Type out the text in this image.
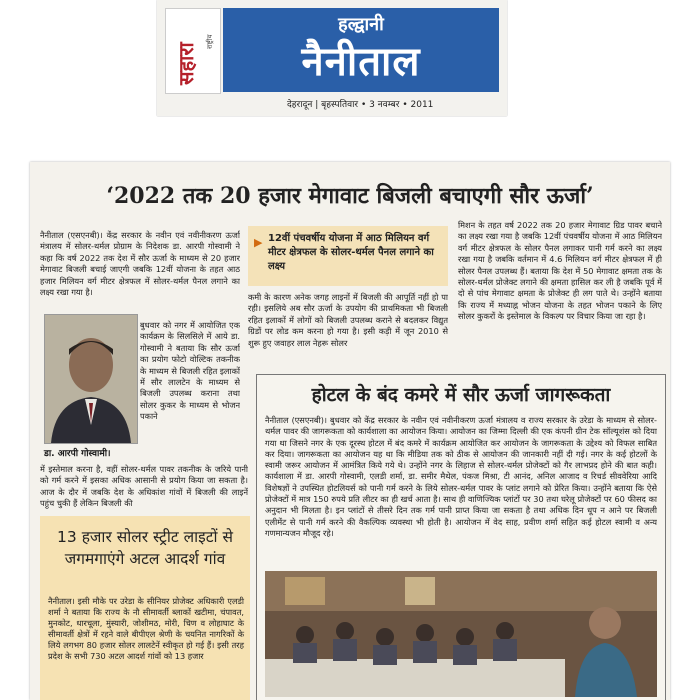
सहारा
राष्ट्रीय
हल्द्वानी
नैनीताल
देहरादून | बृहस्पतिवार • 3 नवम्बर • 2011
‘2022 तक 20 हजार मेगावाट बिजली बचाएगी सौर ऊर्जा’
नैनीताल (एसएनबी)। केंद्र सरकार के नवीन एवं नवीनीकरण ऊर्जा मंत्रालय में सोलर-थर्मल प्रोग्राम के निदेशक डा. आरपी गोस्वामी ने कहा कि वर्ष 2022 तक देश में सौर ऊर्जा के माध्यम से 20 हजार मेगावाट बिजली बचाई जाएगी जबकि 12वीं योजना के तहत आठ हजार मिलियन वर्ग मीटर क्षेत्रफल में सोलर-थर्मल पैनल लगाने का लक्ष्य रखा गया है।
▶ 12वीं पंचवर्षीय योजना में आठ मिलियन वर्ग मीटर क्षेत्रफल के सोलर-थर्मल पैनल लगाने का लक्ष्य
कमी के कारण अनेक जगह लाइनों में बिजली की आपूर्ति नहीं हो पा रही। इसलिये अब सौर ऊर्जा के उपयोग की प्राथमिकता भी बिजली रहित इलाकों में लोगों को बिजली उपलब्ध कराने से बदलकर विद्युत ग्रिडों पर लोड कम करना हो गया है। इसी कड़ी में जून 2010 से शुरू हुए जवाहर लाल नेहरू सोलर
मिशन के तहत वर्ष 2022 तक 20 हजार मेगावाट ग्रिड पावर बचाने का लक्ष्य रखा गया है जबकि 12वीं पंचवर्षीय योजना में आठ मिलियन वर्ग मीटर क्षेत्रफल के सोलर पैनल लगाकर पानी गर्म करने का लक्ष्य रखा गया है जबकि वर्तमान में 4.6 मिलियन वर्ग मीटर क्षेत्रफल में ही सोलर पैनल उपलब्ध हैं। बताया कि देश में 50 मेगावाट क्षमता तक के सोलर-थर्मल प्रोजेक्ट लगाने की क्षमता हासिल कर ली है जबकि पूर्व में दो से पांच मेगावाट क्षमता के प्रोजेक्ट ही लग पाते थे। उन्होंने बताया कि राज्य में मध्याह्न भोजन योजना के तहत भोजन पकाने के लिए सोलर कुकरों के इस्तेमाल के विकल्प पर विचार किया जा रहा है।
डा. आरपी गोस्वामी।
बुधवार को नगर में आयोजित एक कार्यक्रम के सिलसिले में आये डा. गोस्वामी ने बताया कि सौर ऊर्जा का प्रयोग फोटो वोल्टिक तकनीक के माध्यम से बिजली रहित इलाकों में सौर लालटेन के माध्यम से बिजली उपलब्ध कराना तथा सोलर कुकर के माध्यम से भोजन पकाने
में इस्तेमाल करना है, वहीं सोलर-थर्मल पावर तकनीक के जरिये पानी को गर्म करने में इसका अधिक आसानी से प्रयोग किया जा सकता है। आज के दौर में जबकि देश के अधिकांश गांवों में बिजली की लाइनें पहुंच चुकी हैं लेकिन बिजली की
13 हजार सोलर स्ट्रीट लाइटों से जगमगाएंगे अटल आदर्श गांव
नैनीताल। इसी मौके पर उरेडा के सीनियर प्रोजेक्ट अधिकारी एलडी शर्मा ने बताया कि राज्य के नौ सीमावर्ती ब्लाकों खटीमा, चंपावत, मुनकोट, धारचूला, मुंस्यारी, जोशीमठ, मोरी, चिण व लोहाघाट के सीमावर्ती क्षेत्रों में रहने वाले बीपीएल श्रेणी के चयनित नागरिकों के लिये लगभग 80 हजार सोलर लालटेनें स्वीकृत हो गई हैं। इसी तरह प्रदेश के सभी 730 अटल आदर्श गांवों को 13 हजार
होटल के बंद कमरे में सौर ऊर्जा जागरूकता
नैनीताल (एसएनबी)। बुधवार को केंद्र सरकार के नवीन एवं नवीनीकरण ऊर्जा मंत्रालय व राज्य सरकार के उरेडा के माध्यम से सोलर-थर्मल पावर की जागरूकता को कार्यशाला का आयोजन किया। आयोजन का जिम्मा दिल्ली की एक कंपनी ग्रीन टेक सॉल्यूशंस को दिया गया था जिसने नगर के एक दूरस्थ होटल में बंद कमरे में कार्यक्रम आयोजित कर आयोजन के जागरूकता के उद्देश्य को विफल साबित कर दिया। जागरूकता का आयोजन यह था कि मीडिया तक को ठीक से आयोजन की जानकारी नहीं दी गई। नगर के कई होटलों के स्वामी जरूर आयोजन में आमंत्रित किये गये थे। उन्होंने नगर के लिहाज से सोलर-थर्मल प्रोजेक्टों को गैर लाभप्रद होने की बात कही। कार्यशाला में डा. आरपी गोस्वामी, एलडी शर्मा, डा. समीर मैथेल, पंकज मिश्रा, टी आनंद, अनिल आजाद व रिचर्ड सीववेरिया आदि विशेषज्ञों ने उपस्थित होटलियर्स को पानी गर्म करने के लिये सोलर-थर्मल पावर के प्लांट लगाने को प्रेरित किया। उन्होंने बताया कि ऐसे प्रोजेक्टों में मात्र 150 रुपये प्रति लीटर का ही खर्च आता है। साथ ही वाणिज्यिक प्लांटों पर 30 तथा घरेलू प्रोजेक्टों पर 60 फीसद का अनुदान भी मिलता है। इन प्लांटों से तीसरे दिन तक गर्म पानी प्राप्त किया जा सकता है तथा अधिक दिन धूप न आने पर बिजली एलीमेंट से पानी गर्म करने की वैकल्पिक व्यवस्था भी होती है। आयोजन में वेद साह, प्रवीण शर्मा सहित कई होटल स्वामी व अन्य गणमान्यजन मौजूद रहे।
